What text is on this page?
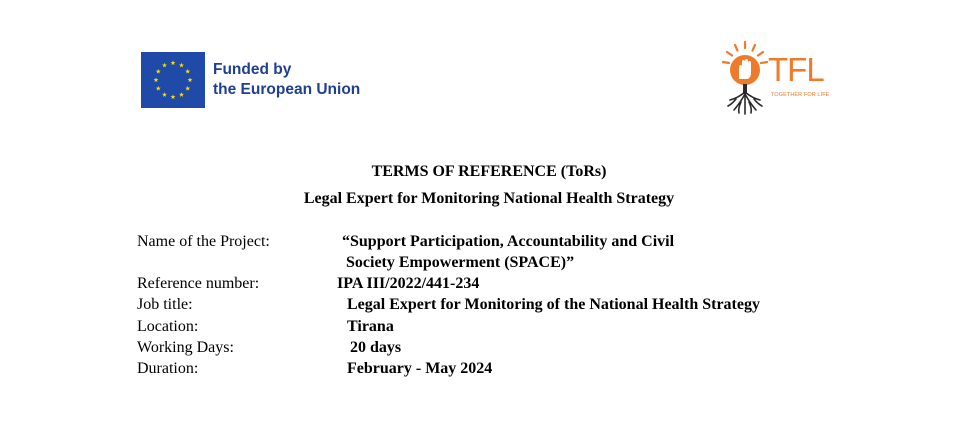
Funded by
the European Union
TFL
TOGETHER FOR LIFE
TERMS OF REFERENCE (ToRs)
Legal Expert for Monitoring National Health Strategy
Name of the Project:	“Support Participation, Accountability and Civil
Society Empowerment (SPACE)”
Reference number:	IPA III/2022/441-234
Job title:	Legal Expert for Monitoring of the National Health Strategy
Location:	Tirana
Working Days:	20 days
Duration:	February - May 2024
